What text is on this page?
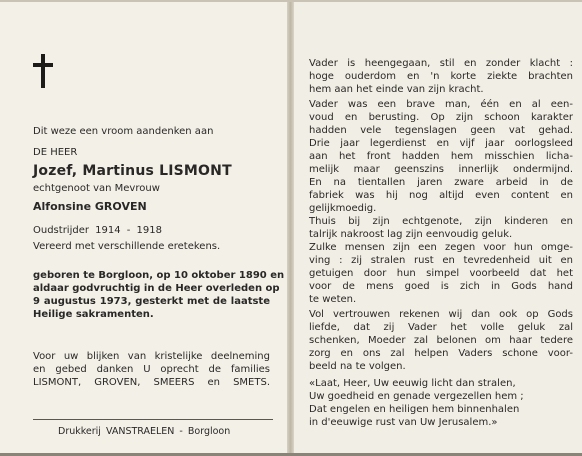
Dit weze een vroom aandenken aan
DE HEER
Jozef, Martinus LISMONT
echtgenoot van Mevrouw
Alfonsine GROVEN
Oudstrijder 1914 - 1918
Vereerd met verschillende eretekens.
geboren te Borgloon, op 10 oktober 1890 en
aldaar godvruchtig in de Heer overleden op
9 augustus 1973, gesterkt met de laatste
Heilige sakramenten.
Voor uw blijken van kristelijke deelneming
en gebed danken U oprecht de families
LISMONT, GROVEN, SMEERS en SMETS.
Drukkerij VANSTRAELEN - Borgloon
Vader is heengegaan, stil en zonder klacht :
hoge ouderdom en 'n korte ziekte brachten
hem aan het einde van zijn kracht.
Vader was een brave man, één en al een-
voud en berusting. Op zijn schoon karakter
hadden vele tegenslagen geen vat gehad.
Drie jaar legerdienst en vijf jaar oorlogsleed
aan het front hadden hem misschien licha-
melijk maar geenszins innerlijk ondermijnd.
En na tientallen jaren zware arbeid in de
fabriek was hij nog altijd even content en
gelijkmoedig.
Thuis bij zijn echtgenote, zijn kinderen en
talrijk nakroost lag zijn eenvoudig geluk.
Zulke mensen zijn een zegen voor hun omge-
ving : zij stralen rust en tevredenheid uit en
getuigen door hun simpel voorbeeld dat het
voor de mens goed is zich in Gods hand
te weten.
Vol vertrouwen rekenen wij dan ook op Gods
liefde, dat zij Vader het volle geluk zal
schenken, Moeder zal belonen om haar tedere
zorg en ons zal helpen Vaders schone voor-
beeld na te volgen.
«Laat, Heer, Uw eeuwig licht dan stralen,
Uw goedheid en genade vergezellen hem ;
Dat engelen en heiligen hem binnenhalen
in d'eeuwige rust van Uw Jerusalem.»
